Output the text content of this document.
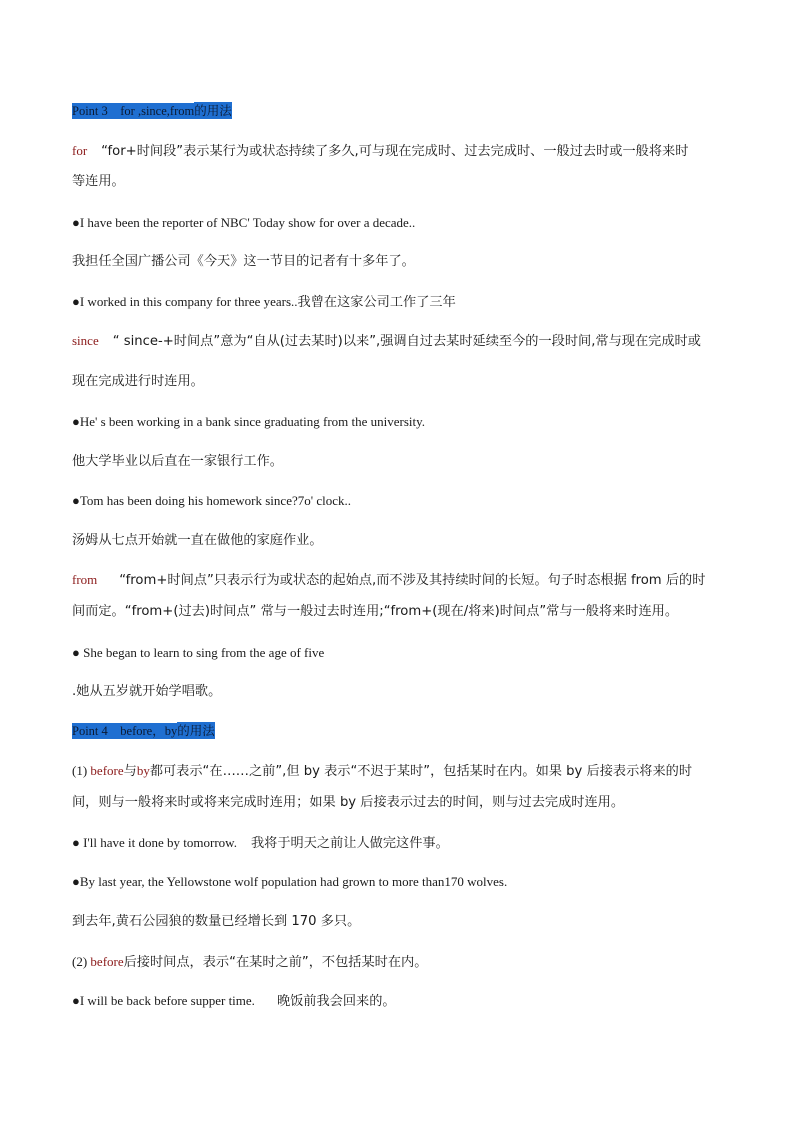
Point 3　for ,since,from的用法
for “for+时间段”表示某行为或状态持续了多久,可与现在完成时、过去完成时、一般过去时或一般将来时
等连用。
●I have been the reporter of NBC' Today show for over a decade..
我担任全国广播公司《今天》这一节目的记者有十多年了。
●I worked in this company for three years..我曾在这家公司工作了三年
since “ since-+时间点”意为“自从(过去某时)以来”,强调自过去某时延续至今的一段时间,常与现在完成时或
现在完成进行时连用。
●He' s been working in a bank since graduating from the university.
他大学毕业以后直在一家银行工作。
●Tom has been doing his homework since?7o' clock..
汤姆从七点开始就一直在做他的家庭作业。
from “from+时间点”只表示行为或状态的起始点,而不涉及其持续时间的长短。句子时态根据 from 后的时
间而定。“from+(过去)时间点” 常与一般过去时连用;“from+(现在/将来)时间点”常与一般将来时连用。
● She began to learn to sing from the age of five
.她从五岁就开始学唱歌。
Point 4　before，by的用法
(1) before与by都可表示“在……之前”,但 by 表示“不迟于某时”，包括某时在内。如果 by 后接表示将来的时
间，则与一般将来时或将来完成时连用；如果 by 后接表示过去的时间，则与过去完成时连用。
● I'll have it done by tomorrow. 我将于明天之前让人做完这件事。
●By last year, the Yellowstone wolf population had grown to more than170 wolves.
到去年,黄石公园狼的数量已经增长到 170 多只。
(2) before后接时间点，表示“在某时之前”，不包括某时在内。
●I will be back before supper time. 晚饭前我会回来的。
